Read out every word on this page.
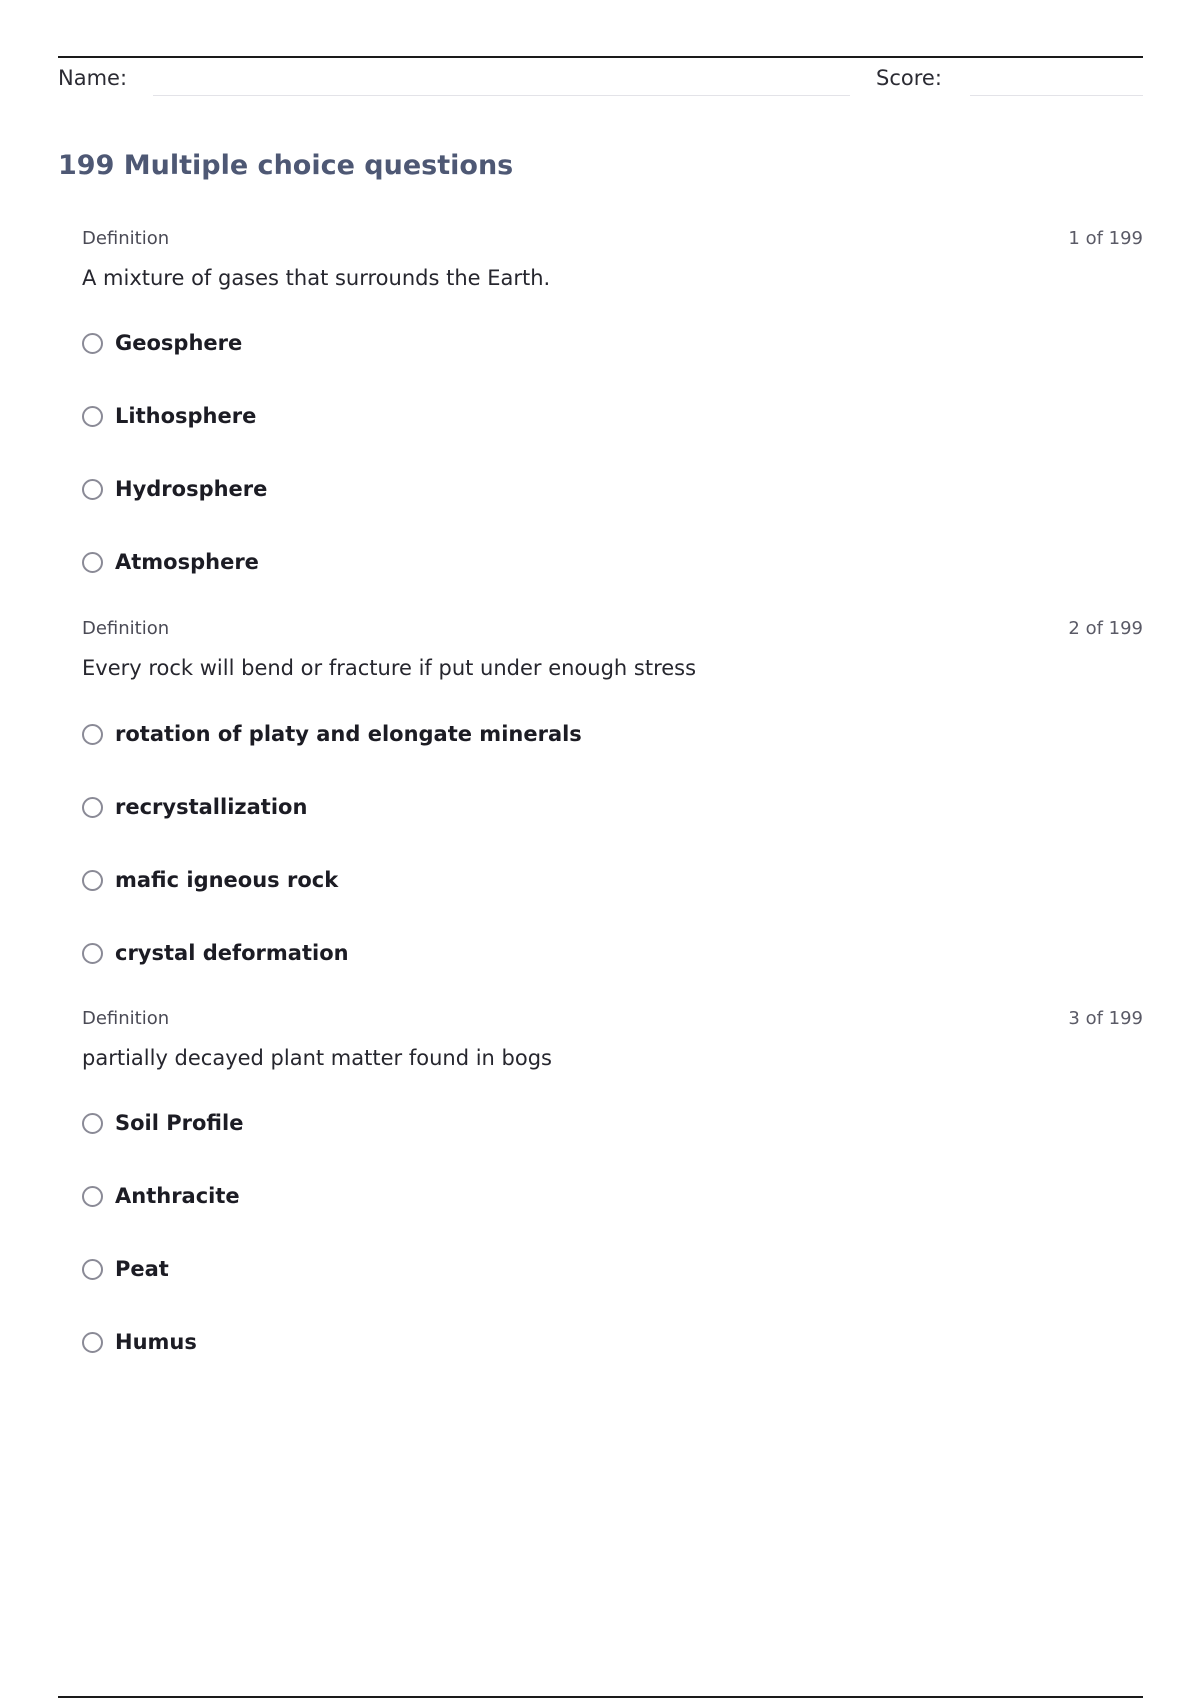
Name:	Score:
199 Multiple choice questions
Definition	1 of 199
A mixture of gases that surrounds the Earth.
Geosphere
Lithosphere
Hydrosphere
Atmosphere
Definition	2 of 199
Every rock will bend or fracture if put under enough stress
rotation of platy and elongate minerals
recrystallization
mafic igneous rock
crystal deformation
Definition	3 of 199
partially decayed plant matter found in bogs
Soil Profile
Anthracite
Peat
Humus
